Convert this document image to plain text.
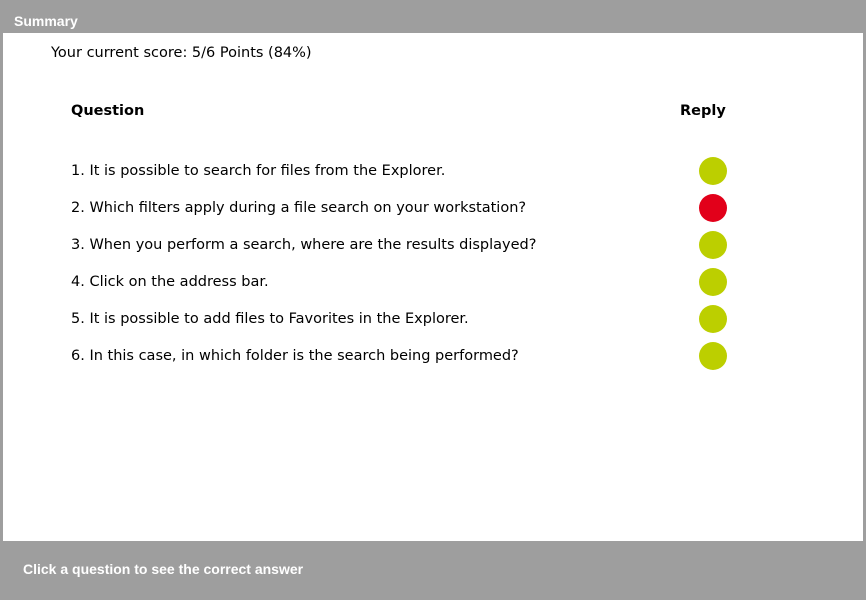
Summary
Your current score: 5/6 Points (84%)
Question	Reply
1. It is possible to search for files from the Explorer.
2. Which filters apply during a file search on your workstation?
3. When you perform a search, where are the results displayed?
4. Click on the address bar.
5. It is possible to add files to Favorites in the Explorer.
6. In this case, in which folder is the search being performed?
Click a question to see the correct answer
